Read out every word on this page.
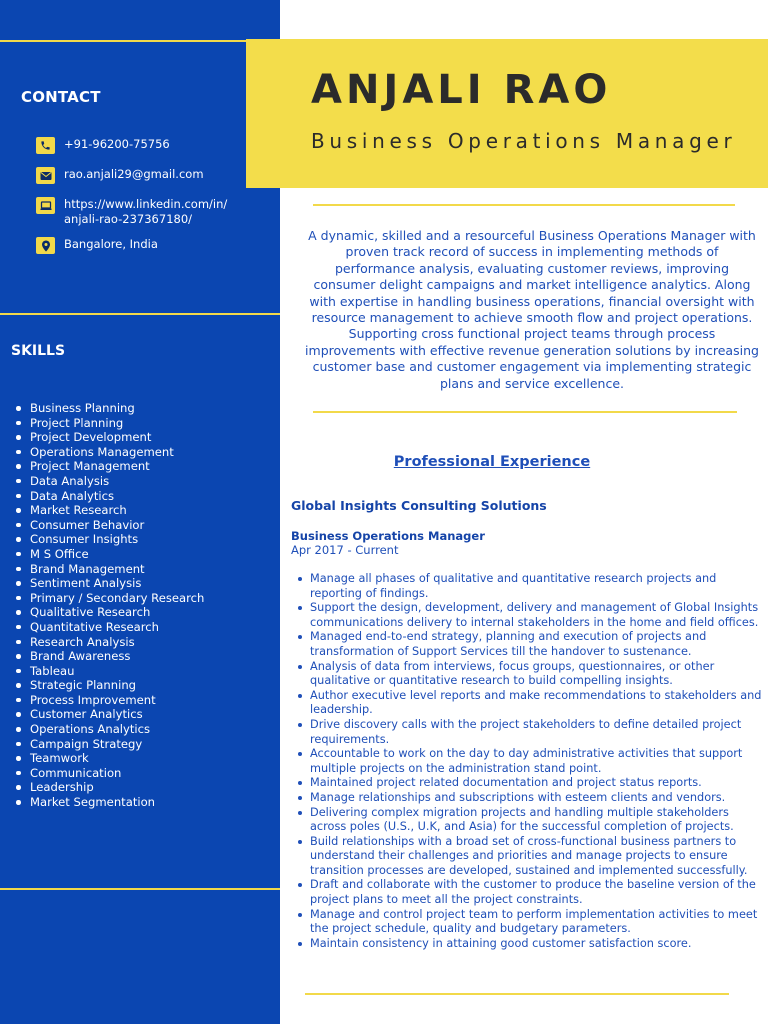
CONTACT
+91-96200-75756
rao.anjali29@gmail.com
https://www.linkedin.com/in/ anjali-rao-237367180/
Bangalore, India
SKILLS
Business Planning
Project Planning
Project Development
Operations Management
Project Management
Data Analysis
Data Analytics
Market Research
Consumer Behavior
Consumer Insights
M S Office
Brand Management
Sentiment Analysis
Primary / Secondary Research
Qualitative Research
Quantitative Research
Research Analysis
Brand Awareness
Tableau
Strategic Planning
Process Improvement
Customer Analytics
Operations Analytics
Campaign Strategy
Teamwork
Communication
Leadership
Market Segmentation
ANJALI RAO
Business Operations Manager
A dynamic, skilled and a resourceful Business Operations Manager with proven track record of success in implementing methods of performance analysis, evaluating customer reviews, improving consumer delight campaigns and market intelligence analytics. Along with expertise in handling business operations, financial oversight with resource management to achieve smooth flow and project operations. Supporting cross functional project teams through process improvements with effective revenue generation solutions by increasing customer base and customer engagement via implementing strategic plans and service excellence.
Professional Experience
Global Insights Consulting Solutions
Business Operations Manager
Apr 2017 - Current
Manage all phases of qualitative and quantitative research projects and reporting of findings.
Support the design, development, delivery and management of Global Insights communications delivery to internal stakeholders in the home and field offices.
Managed end-to-end strategy, planning and execution of projects and transformation of Support Services till the handover to sustenance.
Analysis of data from interviews, focus groups, questionnaires, or other qualitative or quantitative research to build compelling insights.
Author executive level reports and make recommendations to stakeholders and leadership.
Drive discovery calls with the project stakeholders to define detailed project requirements.
Accountable to work on the day to day administrative activities that support multiple projects on the administration stand point.
Maintained project related documentation and project status reports.
Manage relationships and subscriptions with esteem clients and vendors.
Delivering complex migration projects and handling multiple stakeholders across poles (U.S., U.K, and Asia) for the successful completion of projects.
Build relationships with a broad set of cross-functional business partners to understand their challenges and priorities and manage projects to ensure transition processes are developed, sustained and implemented successfully.
Draft and collaborate with the customer to produce the baseline version of the project plans to meet all the project constraints.
Manage and control project team to perform implementation activities to meet the project schedule, quality and budgetary parameters.
Maintain consistency in attaining good customer satisfaction score.
